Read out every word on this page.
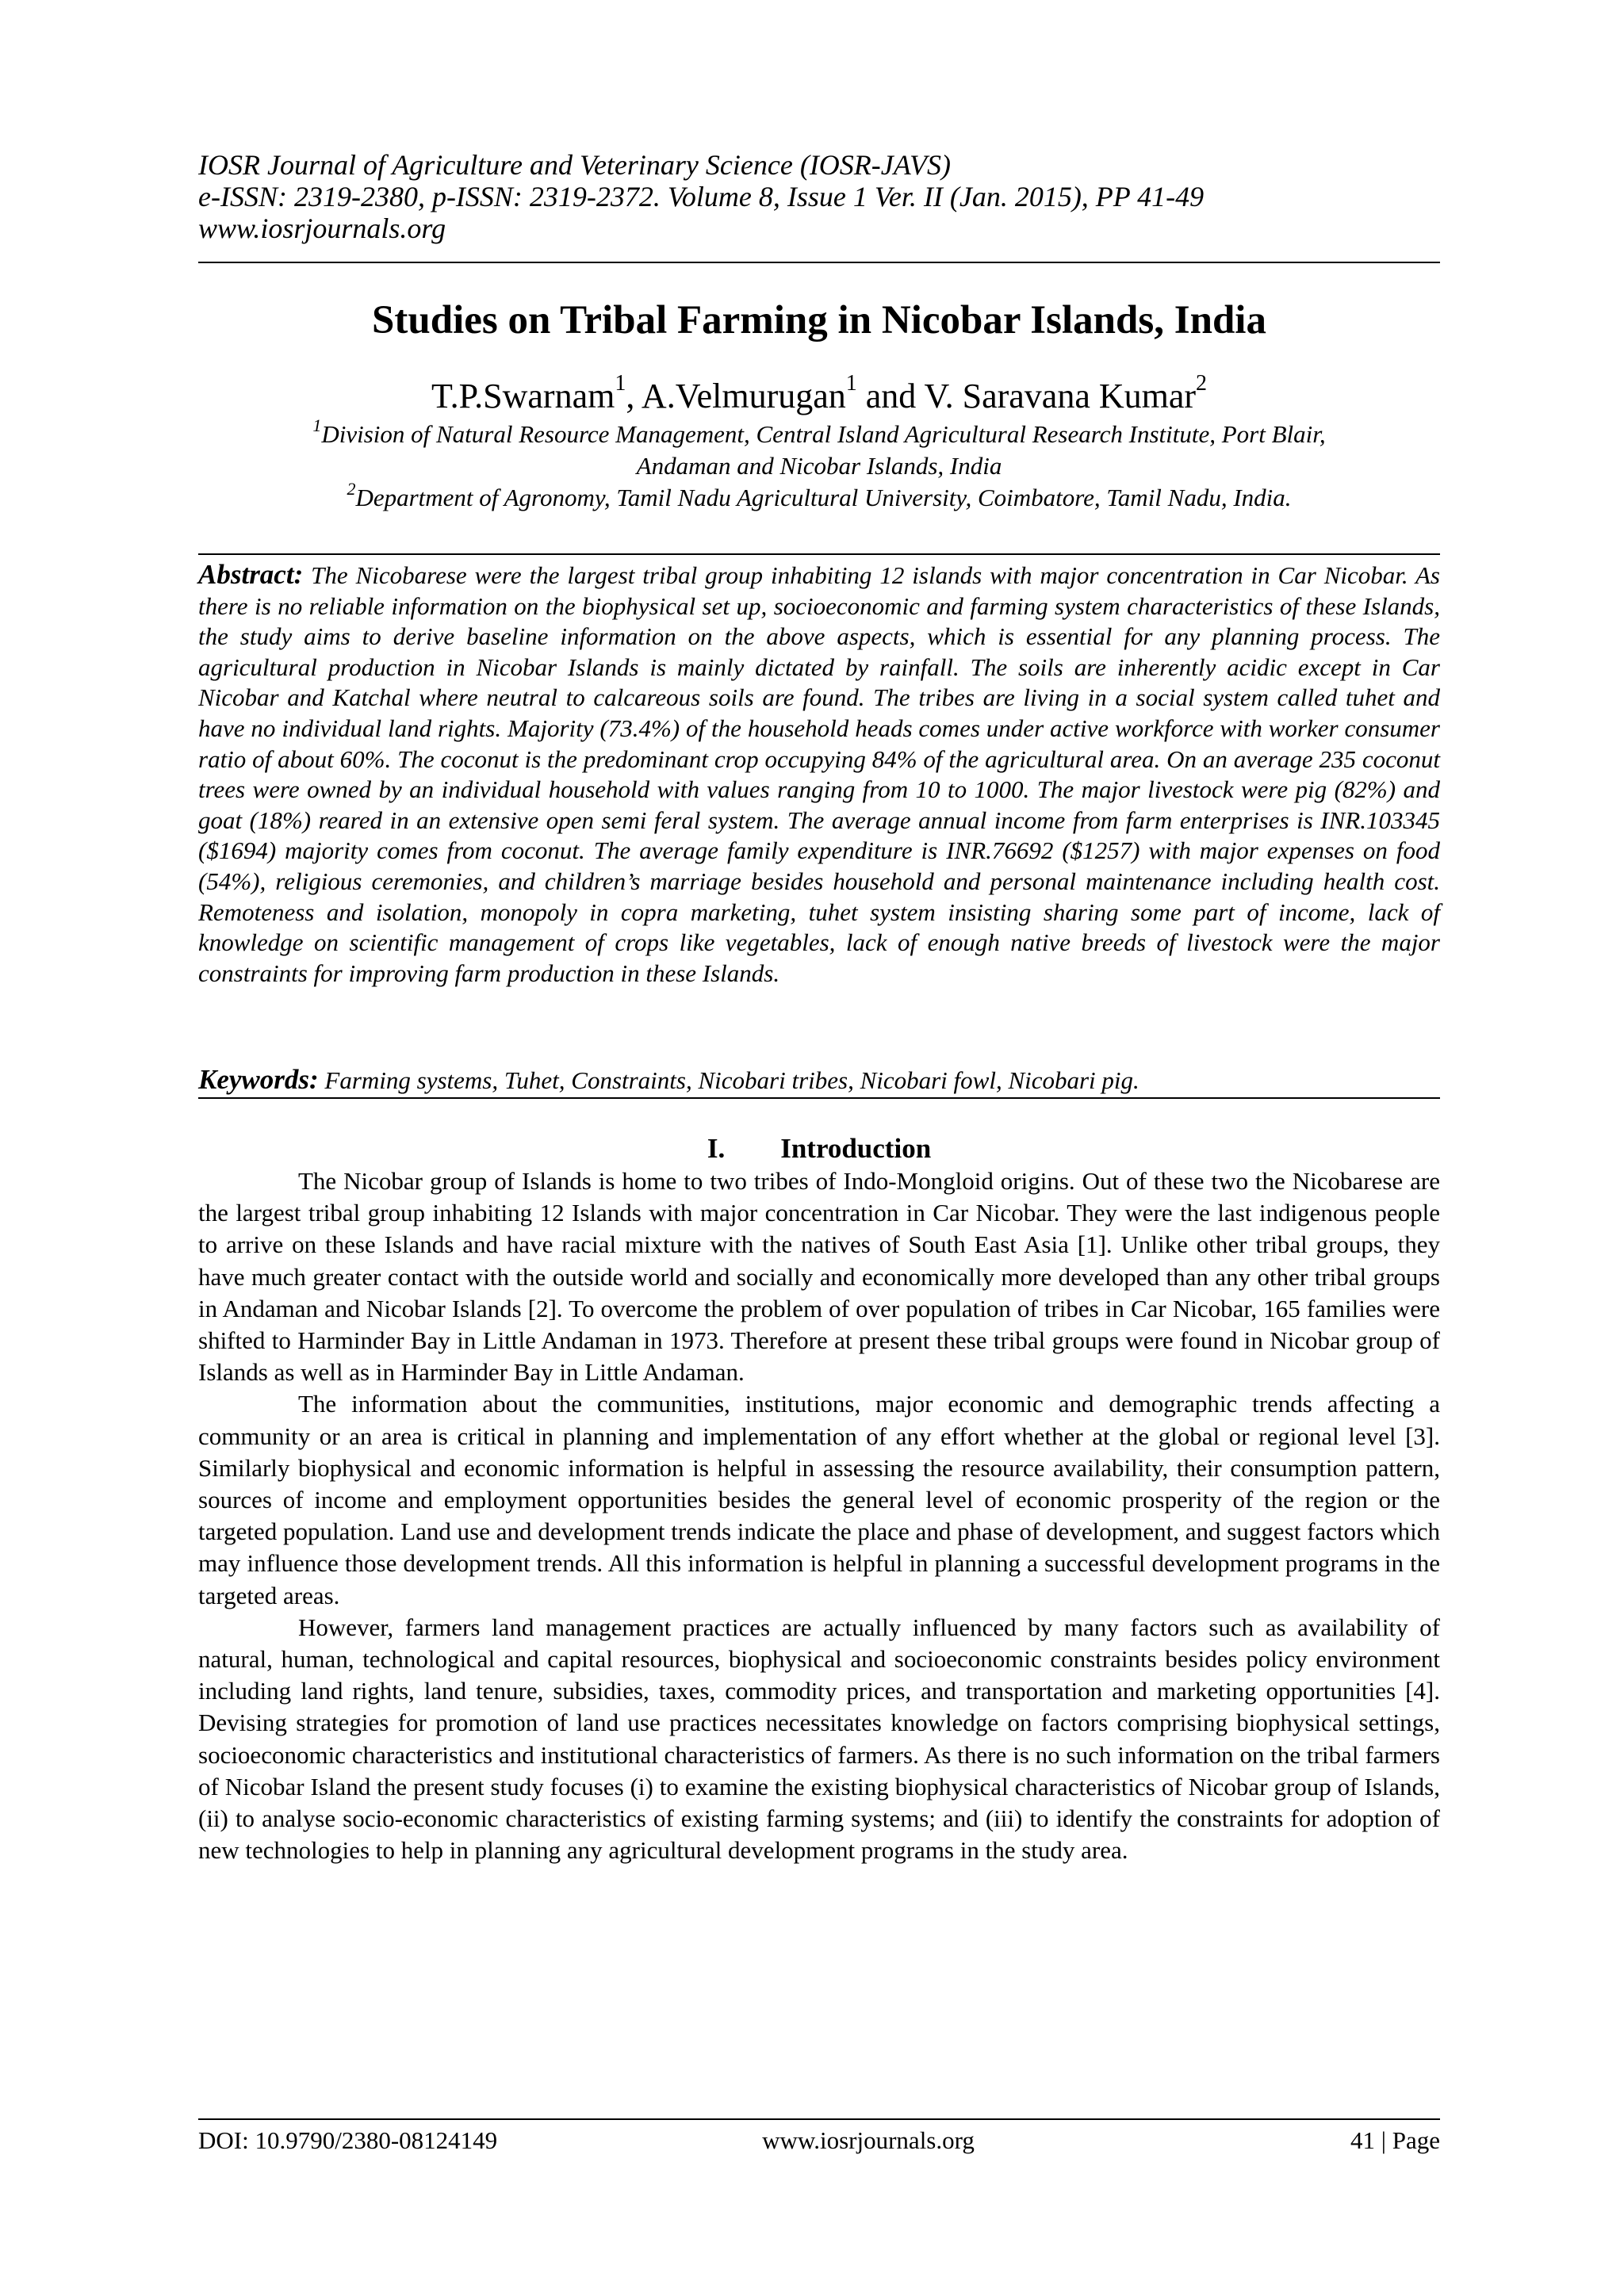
IOSR Journal of Agriculture and Veterinary Science (IOSR-JAVS)
e-ISSN: 2319-2380, p-ISSN: 2319-2372. Volume 8, Issue 1 Ver. II (Jan. 2015), PP 41-49
www.iosrjournals.org
Studies on Tribal Farming in Nicobar Islands, India
T.P.Swarnam$^1$, A.Velmurugan$^1$ and V. Saravana Kumar$^2$
$^1$Division of Natural Resource Management, Central Island Agricultural Research Institute, Port Blair,
Andaman and Nicobar Islands, India
$^2$Department of Agronomy, Tamil Nadu Agricultural University, Coimbatore, Tamil Nadu, India.
Abstract: The Nicobarese were the largest tribal group inhabiting 12 islands with major concentration in Car Nicobar. As there is no reliable information on the biophysical set up, socioeconomic and farming system characteristics of these Islands, the study aims to derive baseline information on the above aspects, which is essential for any planning process. The agricultural production in Nicobar Islands is mainly dictated by rainfall. The soils are inherently acidic except in Car Nicobar and Katchal where neutral to calcareous soils are found. The tribes are living in a social system called tuhet and have no individual land rights. Majority (73.4%) of the household heads comes under active workforce with worker consumer ratio of about 60%. The coconut is the predominant crop occupying 84% of the agricultural area. On an average 235 coconut trees were owned by an individual household with values ranging from 10 to 1000. The major livestock were pig (82%) and goat (18%) reared in an extensive open semi feral system. The average annual income from farm enterprises is INR.103345 ($1694) majority comes from coconut. The average family expenditure is INR.76692 ($1257) with major expenses on food (54%), religious ceremonies, and children’s marriage besides household and personal maintenance including health cost. Remoteness and isolation, monopoly in copra marketing, tuhet system insisting sharing some part of income, lack of knowledge on scientific management of crops like vegetables, lack of enough native breeds of livestock were the major constraints for improving farm production in these Islands.
Keywords: Farming systems, Tuhet, Constraints, Nicobari tribes, Nicobari fowl, Nicobari pig.
I. Introduction

The Nicobar group of Islands is home to two tribes of Indo-Mongloid origins. Out of these two the Nicobarese are the largest tribal group inhabiting 12 Islands with major concentration in Car Nicobar. They were the last indigenous people to arrive on these Islands and have racial mixture with the natives of South East Asia [1]. Unlike other tribal groups, they have much greater contact with the outside world and socially and economically more developed than any other tribal groups in Andaman and Nicobar Islands [2]. To overcome the problem of over population of tribes in Car Nicobar, 165 families were shifted to Harminder Bay in Little Andaman in 1973. Therefore at present these tribal groups were found in Nicobar group of Islands as well as in Harminder Bay in Little Andaman.

The information about the communities, institutions, major economic and demographic trends affecting a community or an area is critical in planning and implementation of any effort whether at the global or regional level [3]. Similarly biophysical and economic information is helpful in assessing the resource availability, their consumption pattern, sources of income and employment opportunities besides the general level of economic prosperity of the region or the targeted population. Land use and development trends indicate the place and phase of development, and suggest factors which may influence those development trends. All this information is helpful in planning a successful development programs in the targeted areas.

However, farmers land management practices are actually influenced by many factors such as availability of natural, human, technological and capital resources, biophysical and socioeconomic constraints besides policy environment including land rights, land tenure, subsidies, taxes, commodity prices, and transportation and marketing opportunities [4]. Devising strategies for promotion of land use practices necessitates knowledge on factors comprising biophysical settings, socioeconomic characteristics and institutional characteristics of farmers. As there is no such information on the tribal farmers of Nicobar Island the present study focuses (i) to examine the existing biophysical characteristics of Nicobar group of Islands, (ii) to analyse socio-economic characteristics of existing farming systems; and (iii) to identify the constraints for adoption of new technologies to help in planning any agricultural development programs in the study area.

DOI: 10.9790/2380-08124149	www.iosrjournals.org	41 | Page
